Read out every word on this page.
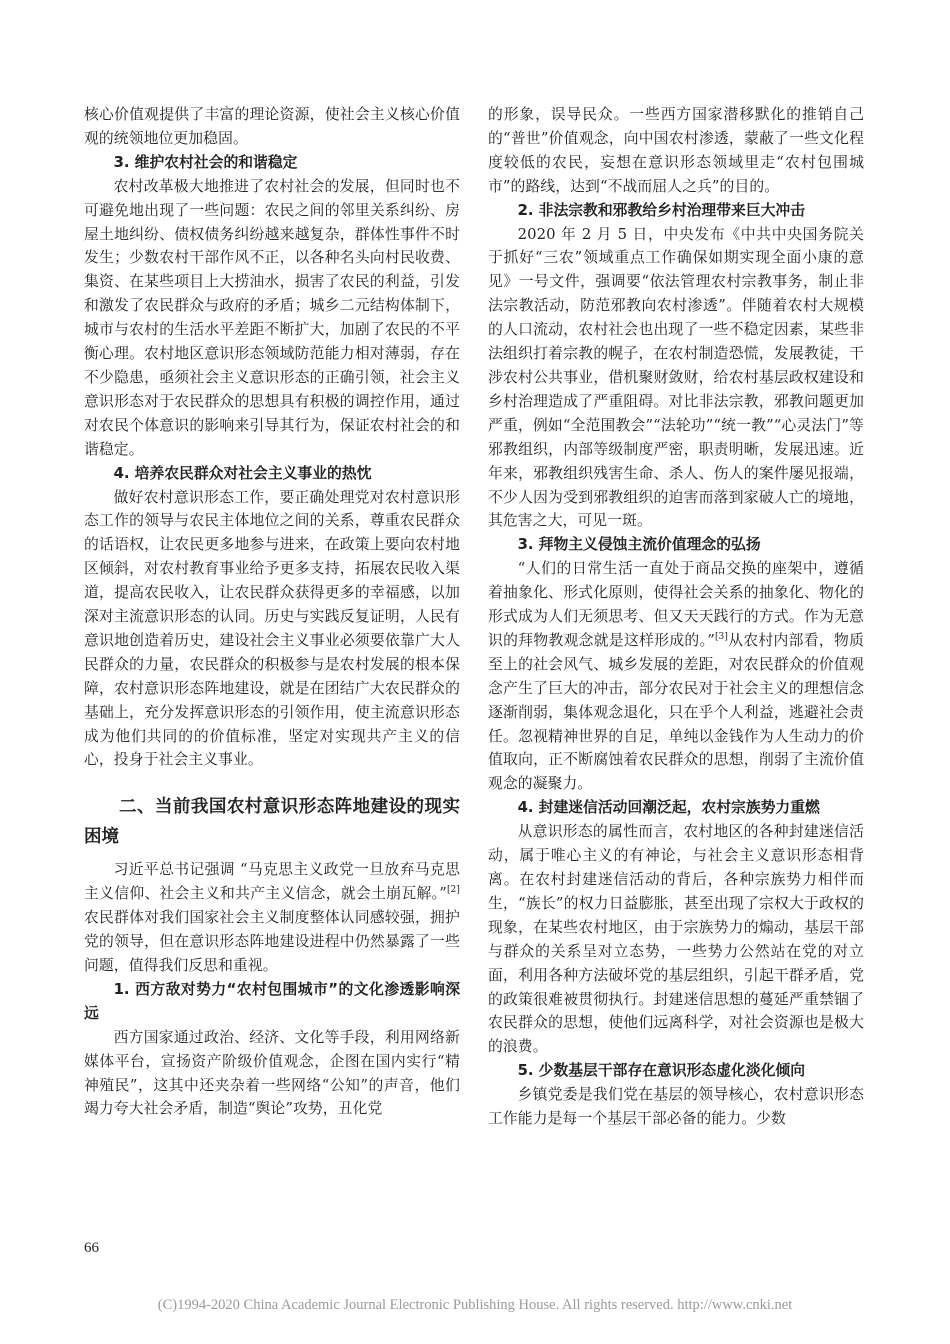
核心价值观提供了丰富的理论资源，使社会主义核心价值观的统领地位更加稳固。

3. 维护农村社会的和谐稳定

农村改革极大地推进了农村社会的发展，但同时也不可避免地出现了一些问题：农民之间的邻里关系纠纷、房屋土地纠纷、债权债务纠纷越来越复杂，群体性事件不时发生；少数农村干部作风不正，以各种名头向村民收费、集资、在某些项目上大捞油水，损害了农民的利益，引发和激发了农民群众与政府的矛盾；城乡二元结构体制下，城市与农村的生活水平差距不断扩大，加剧了农民的不平衡心理。农村地区意识形态领域防范能力相对薄弱，存在不少隐患，亟须社会主义意识形态的正确引领，社会主义意识形态对于农民群众的思想具有积极的调控作用，通过对农民个体意识的影响来引导其行为，保证农村社会的和谐稳定。

4. 培养农民群众对社会主义事业的热忱

做好农村意识形态工作，要正确处理党对农村意识形态工作的领导与农民主体地位之间的关系，尊重农民群众的话语权，让农民更多地参与进来，在政策上要向农村地区倾斜，对农村教育事业给予更多支持，拓展农民收入渠道，提高农民收入，让农民群众获得更多的幸福感，以加深对主流意识形态的认同。历史与实践反复证明，人民有意识地创造着历史，建设社会主义事业必须要依靠广大人民群众的力量，农民群众的积极参与是农村发展的根本保障，农村意识形态阵地建设，就是在团结广大农民群众的基础上，充分发挥意识形态的引领作用，使主流意识形态成为他们共同的的价值标准，坚定对实现共产主义的信心，投身于社会主义事业。

二、当前我国农村意识形态阵地建设的现实困境

习近平总书记强调 “马克思主义政党一旦放弃马克思主义信仰、社会主义和共产主义信念，就会土崩瓦解。”[2]农民群体对我们国家社会主义制度整体认同感较强，拥护党的领导，但在意识形态阵地建设进程中仍然暴露了一些问题，值得我们反思和重视。

1. 西方敌对势力“农村包围城市”的文化渗透影响深远

西方国家通过政治、经济、文化等手段，利用网络新媒体平台，宣扬资产阶级价值观念，企图在国内实行“精神殖民”，这其中还夹杂着一些网络“公知”的声音，他们竭力夸大社会矛盾，制造“舆论”攻势，丑化党

的形象，误导民众。一些西方国家潜移默化的推销自己的“普世”价值观念，向中国农村渗透，蒙蔽了一些文化程度较低的农民，妄想在意识形态领域里走“农村包围城市”的路线，达到“不战而屈人之兵”的目的。

2. 非法宗教和邪教给乡村治理带来巨大冲击

2020 年 2 月 5 日，中央发布《中共中央国务院关于抓好“三农”领域重点工作确保如期实现全面小康的意见》一号文件，强调要“依法管理农村宗教事务，制止非法宗教活动，防范邪教向农村渗透”。伴随着农村大规模的人口流动，农村社会也出现了一些不稳定因素，某些非法组织打着宗教的幌子，在农村制造恐慌，发展教徒，干涉农村公共事业，借机聚财敛财，给农村基层政权建设和乡村治理造成了严重阻碍。对比非法宗教，邪教问题更加严重，例如“全范围教会”“法轮功”“统一教”“心灵法门”等邪教组织，内部等级制度严密，职责明晰，发展迅速。近年来，邪教组织残害生命、杀人、伤人的案件屡见报端，不少人因为受到邪教组织的迫害而落到家破人亡的境地，其危害之大，可见一斑。

3. 拜物主义侵蚀主流价值理念的弘扬

“人们的日常生活一直处于商品交换的座架中，遵循着抽象化、形式化原则，使得社会关系的抽象化、物化的形式成为人们无须思考、但又天天践行的方式。作为无意识的拜物教观念就是这样形成的。”[3]从农村内部看，物质至上的社会风气、城乡发展的差距，对农民群众的价值观念产生了巨大的冲击，部分农民对于社会主义的理想信念逐渐削弱，集体观念退化，只在乎个人利益，逃避社会责任。忽视精神世界的自足，单纯以金钱作为人生动力的价值取向，正不断腐蚀着农民群众的思想，削弱了主流价值观念的凝聚力。

4. 封建迷信活动回潮泛起，农村宗族势力重燃

从意识形态的属性而言，农村地区的各种封建迷信活动，属于唯心主义的有神论，与社会主义意识形态相背离。在农村封建迷信活动的背后，各种宗族势力相伴而生，“族长”的权力日益膨胀，甚至出现了宗权大于政权的现象，在某些农村地区，由于宗族势力的煽动，基层干部与群众的关系呈对立态势，一些势力公然站在党的对立面，利用各种方法破坏党的基层组织，引起干群矛盾，党的政策很难被贯彻执行。封建迷信思想的蔓延严重禁锢了农民群众的思想，使他们远离科学，对社会资源也是极大的浪费。

5. 少数基层干部存在意识形态虚化淡化倾向

乡镇党委是我们党在基层的领导核心，农村意识形态工作能力是每一个基层干部必备的能力。少数

66
(C)1994-2020 China Academic Journal Electronic Publishing House. All rights reserved. http://www.cnki.net
